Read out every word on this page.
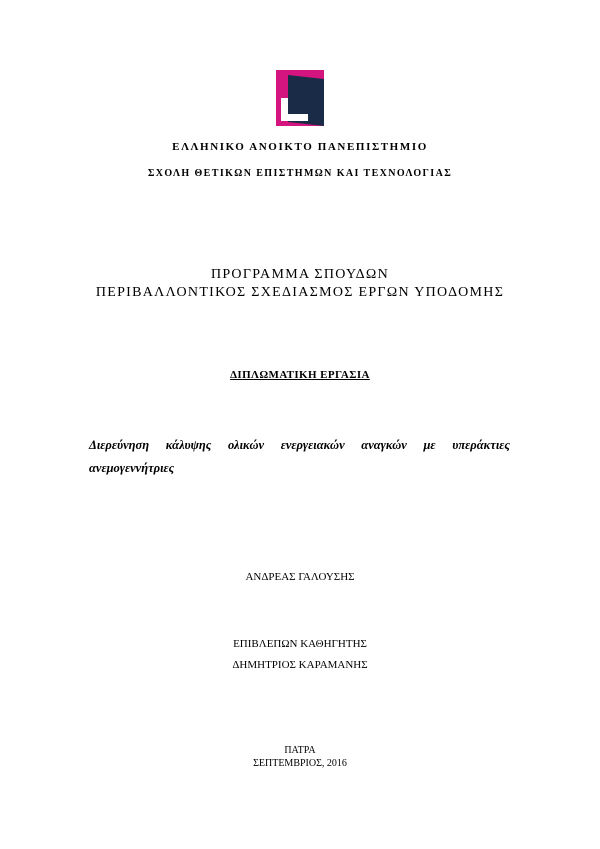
ΕΛΛΗΝΙΚΟ ΑΝΟΙΚΤΟ ΠΑΝΕΠΙΣΤΗΜΙΟ
ΣΧΟΛΗ ΘΕΤΙΚΩΝ ΕΠΙΣΤΗΜΩΝ ΚΑΙ ΤΕΧΝΟΛΟΓΙΑΣ
ΠΡΟΓΡΑΜΜΑ ΣΠΟΥΔΩΝ
ΠΕΡΙΒΑΛΛΟΝΤΙΚΟΣ ΣΧΕΔΙΑΣΜΟΣ ΕΡΓΩΝ ΥΠΟΔΟΜΗΣ
ΔΙΠΛΩΜΑΤΙΚΗ ΕΡΓΑΣΙΑ
Διερεύνηση κάλυψης ολικών ενεργειακών αναγκών με υπεράκτιες ανεμογεννήτριες
ΑΝΔΡΕΑΣ ΓΑΛΟΥΣΗΣ
ΕΠΙΒΛΕΠΩΝ ΚΑΘΗΓΗΤΗΣ
ΔΗΜΗΤΡΙΟΣ ΚΑΡΑΜΑΝΗΣ
ΠΑΤΡΑ
ΣΕΠΤΕΜΒΡΙΟΣ, 2016
